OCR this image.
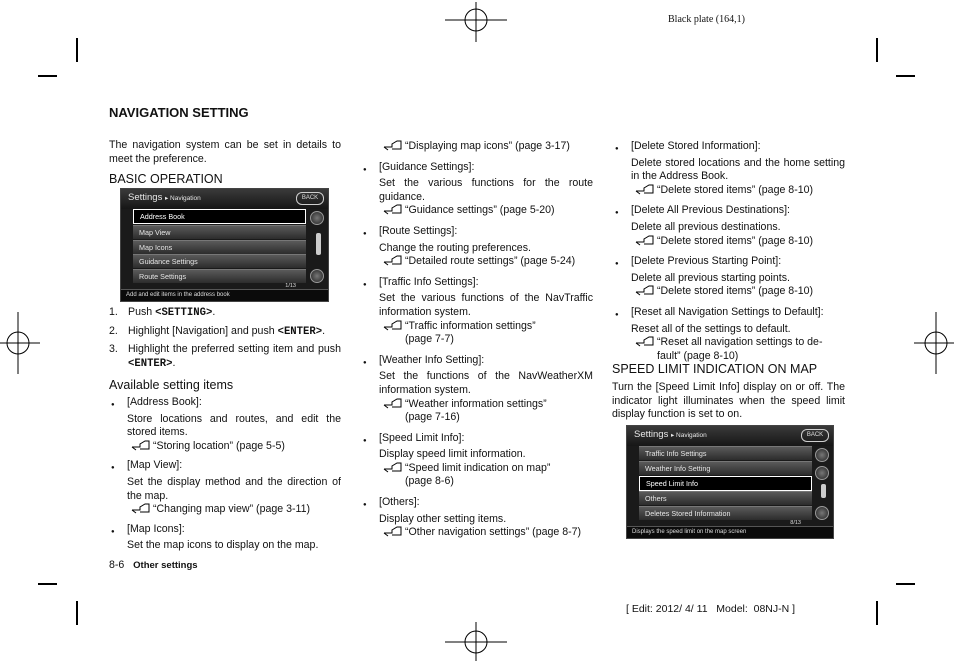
Black plate (164,1)
[ Edit: 2012/ 4/ 11   Model:  08NJ-N ]
8-6 Other settings
NAVIGATION SETTING
The navigation system can be set in details to meet the preference.
BASIC OPERATION
Settings ▸ Navigation	BACK
Address Book
Map View
Map Icons
Guidance Settings
Route Settings
1/13
Add and edit items in the address book
1. Push <SETTING>.
2. Highlight [Navigation] and push <ENTER>.
3. Highlight the preferred setting item and push <ENTER>.
Available setting items
● [Address Book]:
Store locations and routes, and edit the stored items.
“Storing location” (page 5-5)
● [Map View]:
Set the display method and the direction of the map.
“Changing map view” (page 3-11)
● [Map Icons]:
Set the map icons to display on the map.
“Displaying map icons” (page 3-17)
● [Guidance Settings]:
Set the various functions for the route guidance.
“Guidance settings” (page 5-20)
● [Route Settings]:
Change the routing preferences.
“Detailed route settings” (page 5-24)
● [Traffic Info Settings]:
Set the various functions of the NavTraffic information system.
“Traffic information settings”
(page 7-7)
● [Weather Info Setting]:
Set the functions of the NavWeatherXM information system.
“Weather information settings”
(page 7-16)
● [Speed Limit Info]:
Display speed limit information.
“Speed limit indication on map”
(page 8-6)
● [Others]:
Display other setting items.
“Other navigation settings” (page 8-7)
● [Delete Stored Information]:
Delete stored locations and the home setting in the Address Book.
“Delete stored items” (page 8-10)
● [Delete All Previous Destinations]:
Delete all previous destinations.
“Delete stored items” (page 8-10)
● [Delete Previous Starting Point]:
Delete all previous starting points.
“Delete stored items” (page 8-10)
● [Reset all Navigation Settings to Default]:
Reset all of the settings to default.
“Reset all navigation settings to de-
fault” (page 8-10)
SPEED LIMIT INDICATION ON MAP
Turn the [Speed Limit Info] display on or off. The indicator light illuminates when the speed limit display function is set to on.
Settings ▸ Navigation	BACK
Traffic Info Settings
Weather Info Setting
Speed Limit Info
Others
Deletes Stored Information
8/13
Displays the speed limit on the map screen
